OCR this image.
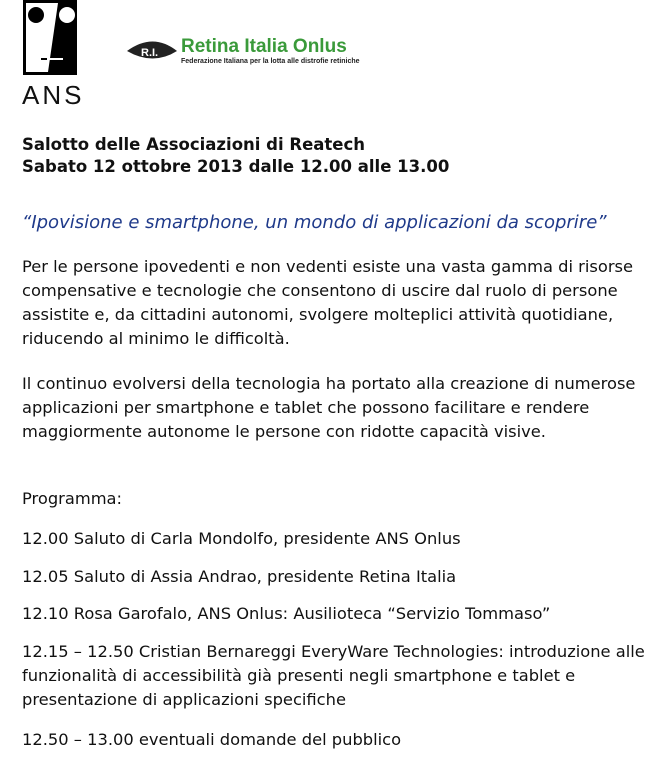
ANS
R.I. Retina Italia Onlus
Federazione Italiana per la lotta alle distrofie retiniche
Salotto delle Associazioni di Reatech
Sabato 12 ottobre 2013 dalle 12.00 alle 13.00
“Ipovisione e smartphone, un mondo di applicazioni da scoprire”
Per le persone ipovedenti e non vedenti esiste una vasta gamma di risorse
compensative e tecnologie che consentono di uscire dal ruolo di persone
assistite e, da cittadini autonomi, svolgere molteplici attività quotidiane,
riducendo al minimo le difficoltà.
Il continuo evolversi della tecnologia ha portato alla creazione di numerose
applicazioni per smartphone e tablet che possono facilitare e rendere
maggiormente autonome le persone con ridotte capacità visive.
Programma:
12.00 Saluto di Carla Mondolfo, presidente ANS Onlus
12.05 Saluto di Assia Andrao, presidente Retina Italia
12.10 Rosa Garofalo, ANS Onlus: Ausilioteca “Servizio Tommaso”
12.15 – 12.50 Cristian Bernareggi EveryWare Technologies: introduzione alle
funzionalità di accessibilità già presenti negli smartphone e tablet e
presentazione di applicazioni specifiche
12.50 – 13.00 eventuali domande del pubblico
